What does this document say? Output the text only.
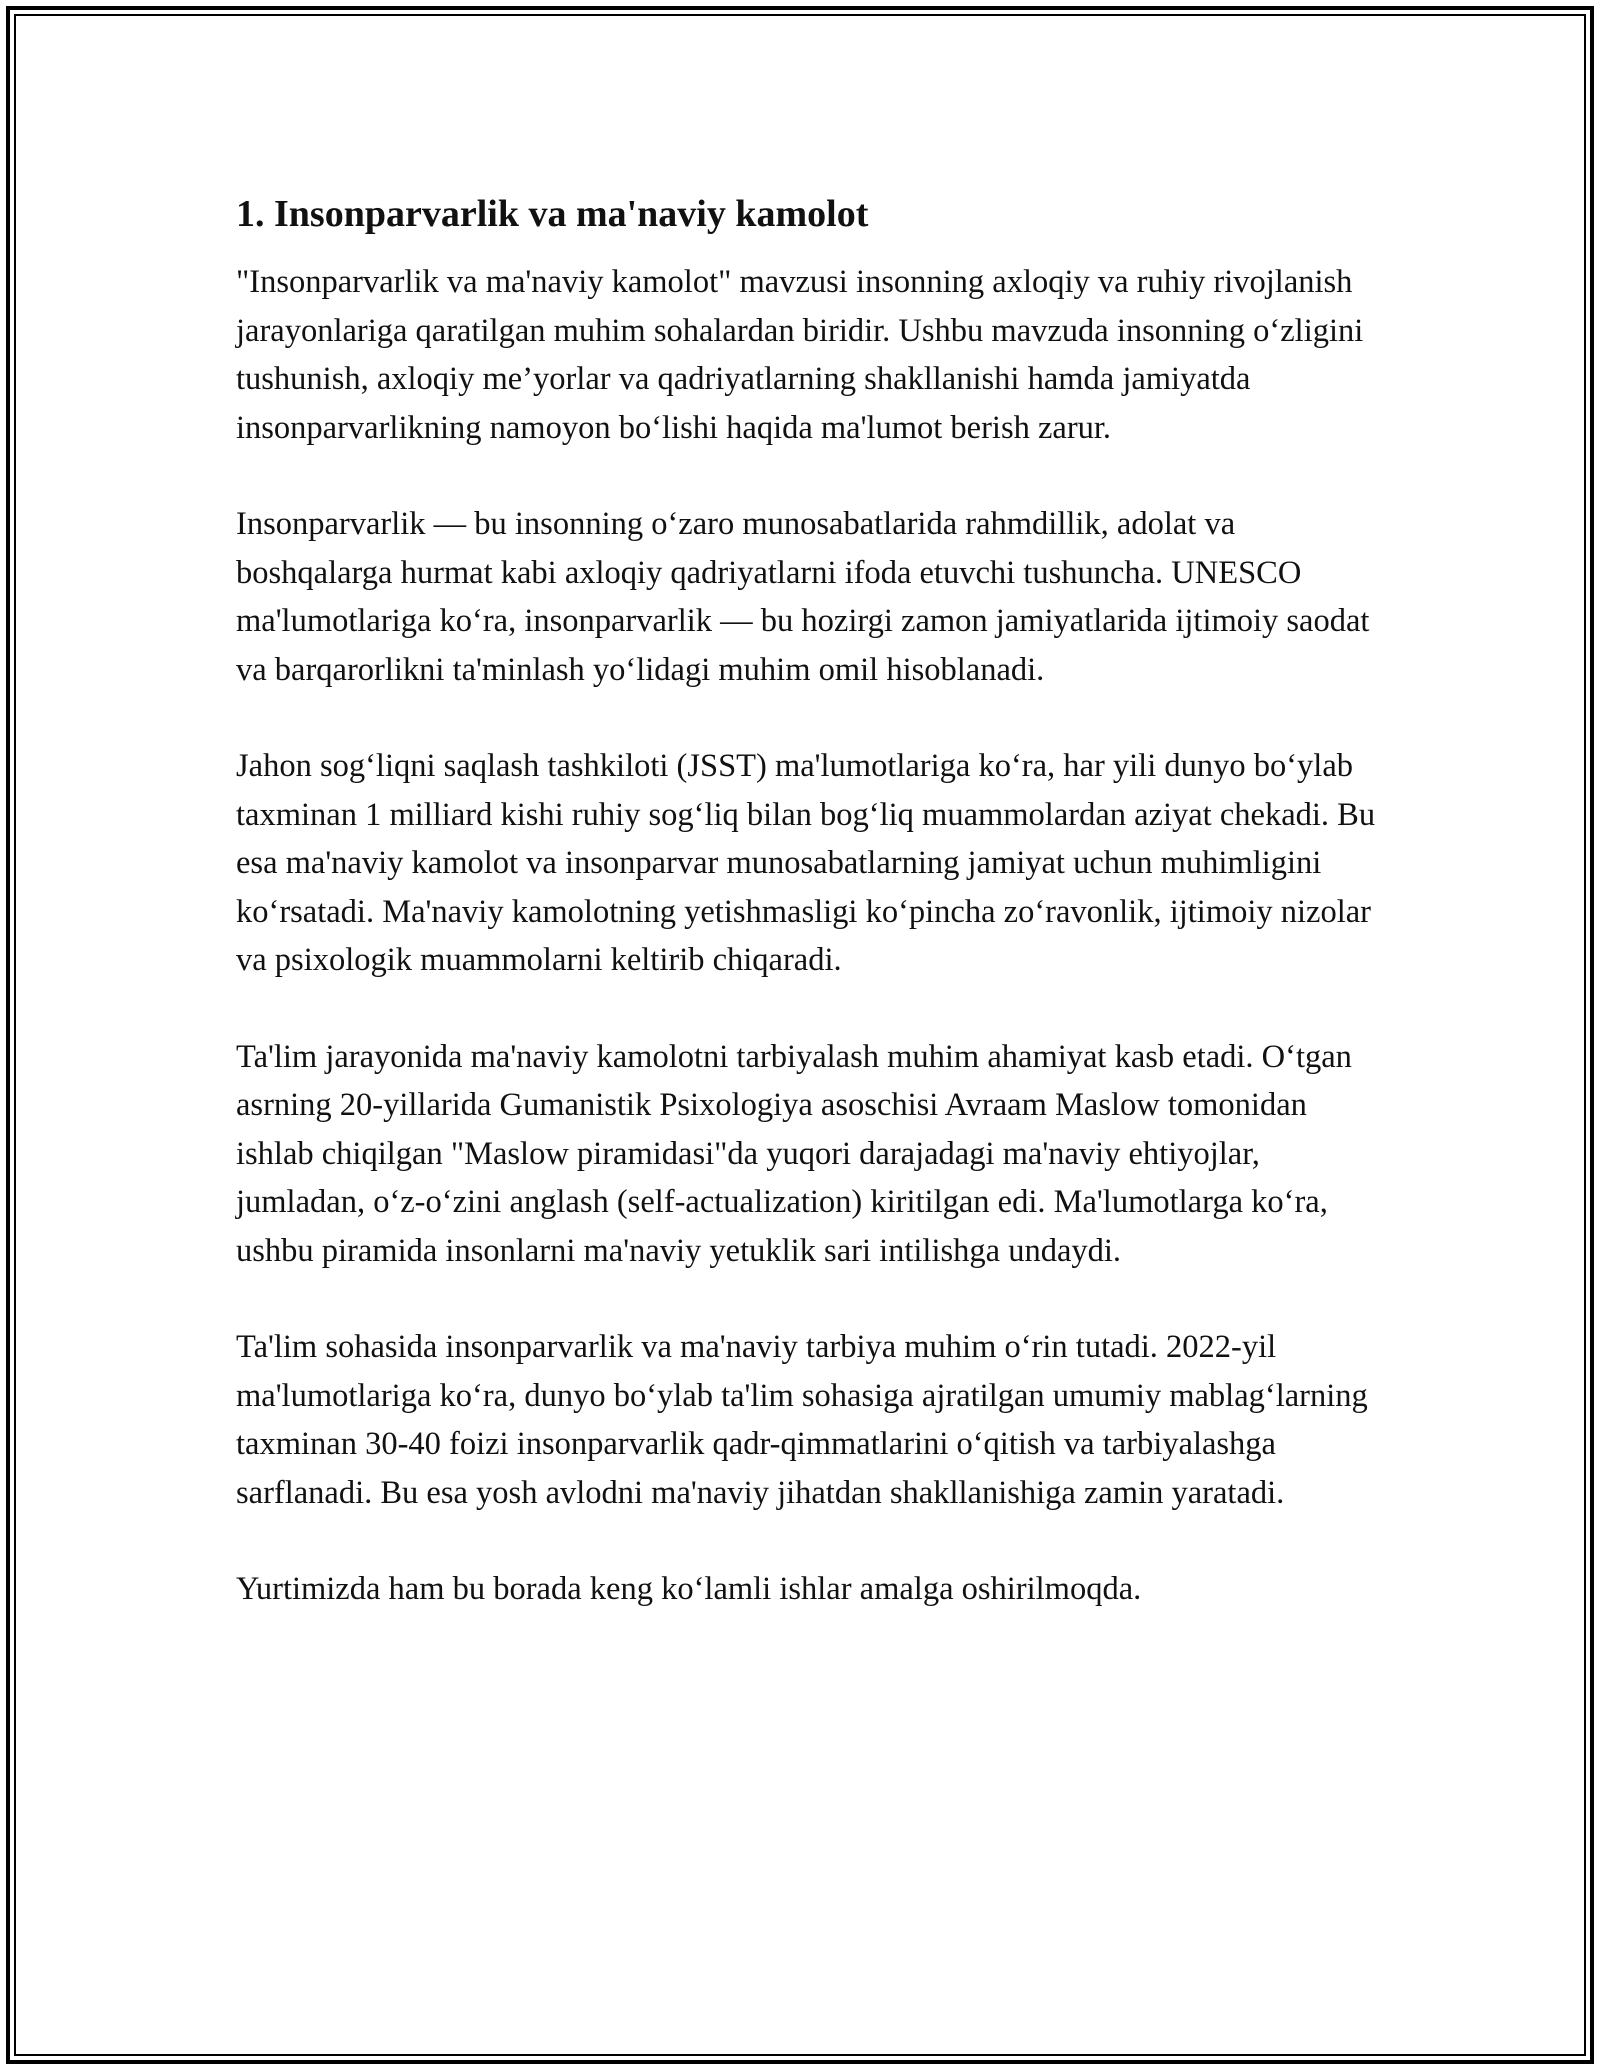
1. Insonparvarlik va ma'naviy kamolot

"Insonparvarlik va ma'naviy kamolot" mavzusi insonning axloqiy va ruhiy rivojlanish jarayonlariga qaratilgan muhim sohalardan biridir. Ushbu mavzuda insonning o‘zligini tushunish, axloqiy me’yorlar va qadriyatlarning shakllanishi hamda jamiyatda insonparvarlikning namoyon bo‘lishi haqida ma'lumot berish zarur.

Insonparvarlik — bu insonning o‘zaro munosabatlarida rahmdillik, adolat va boshqalarga hurmat kabi axloqiy qadriyatlarni ifoda etuvchi tushuncha. UNESCO ma'lumotlariga ko‘ra, insonparvarlik — bu hozirgi zamon jamiyatlarida ijtimoiy saodat va barqarorlikni ta'minlash yo‘lidagi muhim omil hisoblanadi.

Jahon sog‘liqni saqlash tashkiloti (JSST) ma'lumotlariga ko‘ra, har yili dunyo bo‘ylab taxminan 1 milliard kishi ruhiy sog‘liq bilan bog‘liq muammolardan aziyat chekadi. Bu esa ma'naviy kamolot va insonparvar munosabatlarning jamiyat uchun muhimligini ko‘rsatadi. Ma'naviy kamolotning yetishmasligi ko‘pincha zo‘ravonlik, ijtimoiy nizolar va psixologik muammolarni keltirib chiqaradi.

Ta'lim jarayonida ma'naviy kamolotni tarbiyalash muhim ahamiyat kasb etadi. O‘tgan asrning 20-yillarida Gumanistik Psixologiya asoschisi Avraam Maslow tomonidan ishlab chiqilgan "Maslow piramidasi"da yuqori darajadagi ma'naviy ehtiyojlar, jumladan, o‘z-o‘zini anglash (self-actualization) kiritilgan edi. Ma'lumotlarga ko‘ra, ushbu piramida insonlarni ma'naviy yetuklik sari intilishga undaydi.

Ta'lim sohasida insonparvarlik va ma'naviy tarbiya muhim o‘rin tutadi. 2022-yil ma'lumotlariga ko‘ra, dunyo bo‘ylab ta'lim sohasiga ajratilgan umumiy mablag‘larning taxminan 30-40 foizi insonparvarlik qadr-qimmatlarini o‘qitish va tarbiyalashga sarflanadi. Bu esa yosh avlodni ma'naviy jihatdan shakllanishiga zamin yaratadi.

Yurtimizda ham bu borada keng ko‘lamli ishlar amalga oshirilmoqda.
